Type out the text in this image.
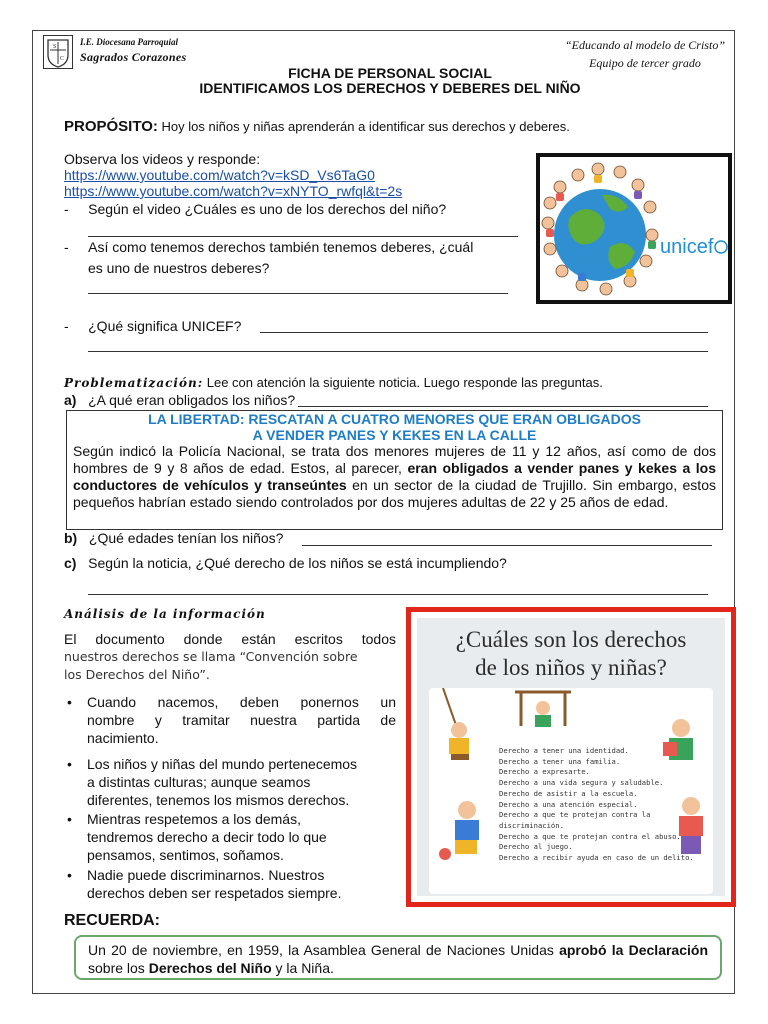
S
C
I.E. Diocesana Parroquial
Sagrados Corazones
“Educando al modelo de Cristo”
Equipo de tercer grado
FICHA DE PERSONAL SOCIAL
IDENTIFICAMOS LOS DERECHOS Y DEBERES DEL NIÑO
PROPÓSITO: Hoy los niños y niñas aprenderán a identificar sus derechos y deberes.
Observa los videos y responde:
https://www.youtube.com/watch?v=kSD_Vs6TaG0
https://www.youtube.com/watch?v=xNYTO_rwfql&t=2s
-     Según el video ¿Cuáles es uno de los derechos del niño?
-     Así como tenemos derechos también tenemos deberes, ¿cuál
es uno de nuestros deberes?
-     ¿Qué significa UNICEF?
unicef
Problematización: Lee con atención la siguiente noticia. Luego responde las preguntas.
a) ¿A qué eran obligados los niños?
LA LIBERTAD: RESCATAN A CUATRO MENORES QUE ERAN OBLIGADOS
A VENDER PANES Y KEKES EN LA CALLE
Según indicó la Policía Nacional, se trata dos menores mujeres de 11 y 12 años, así como de dos hombres de 9 y 8 años de edad. Estos, al parecer, eran obligados a vender panes y kekes a los conductores de vehículos y transeúntes en un sector de la ciudad de Trujillo. Sin embargo, estos pequeños habrían estado siendo controlados por dos mujeres adultas de 22 y 25 años de edad.
b) ¿Qué edades tenían los niños?
c) Según la noticia, ¿Qué derecho de los niños se está incumpliendo?
Análisis de la información
El documento donde están escritos todos
nuestros derechos se llama “Convención sobre
los Derechos del Niño”.
• Cuando nacemos, deben ponernos un
nombre y tramitar nuestra partida de
nacimiento.
• Los niños y niñas del mundo pertenecemos
a distintas culturas; aunque seamos
diferentes, tenemos los mismos derechos.
• Mientras respetemos a los demás,
tendremos derecho a decir todo lo que
pensamos, sentimos, soñamos.
• Nadie puede discriminarnos. Nuestros
derechos deben ser respetados siempre.
¿Cuáles son los derechos
de los niños y niñas?
Derecho a tener una identidad.
Derecho a tener una familia.
Derecho a expresarte.
Derecho a una vida segura y saludable.
Derecho de asistir a la escuela.
Derecho a una atención especial.
Derecho a que te protejan contra la
discriminación.
Derecho a que te protejan contra el abuso.
Derecho al juego.
Derecho a recibir ayuda en caso de un delito.
RECUERDA:
Un 20 de noviembre, en 1959, la Asamblea General de Naciones Unidas aprobó la Declaración sobre los Derechos del Niño y la Niña.
